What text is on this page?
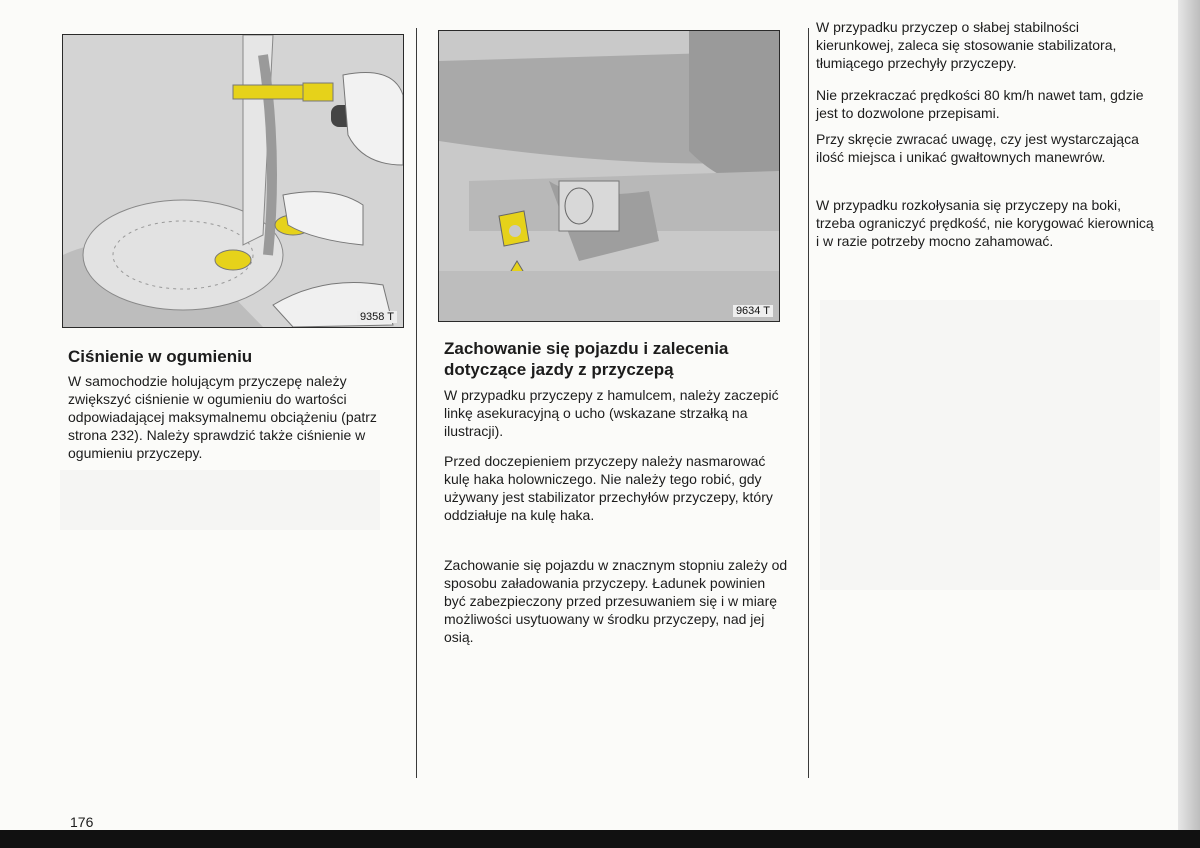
9358 T	9634 T
Ciśnienie w ogumieniu

W samochodzie holującym przyczepę należy zwiększyć ciśnienie w ogumieniu do wartości odpowiadającej maksymalnemu obciążeniu (patrz strona 232). Należy sprawdzić także ciśnienie w ogumieniu przyczepy.

Zachowanie się pojazdu i zalecenia dotyczące jazdy z przyczepą

W przypadku przyczepy z hamulcem, należy zaczepić linkę asekuracyjną o ucho (wskazane strzałką na ilustracji).

Przed doczepieniem przyczepy należy nasmarować kulę haka holowniczego. Nie należy tego robić, gdy używany jest stabilizator przechyłów przyczepy, który oddziałuje na kulę haka.

Zachowanie się pojazdu w znacznym stopniu zależy od sposobu załadowania przyczepy. Ładunek powinien być zabezpieczony przed przesuwaniem się i w miarę możliwości usytuowany w środku przyczepy, nad jej osią.

W przypadku przyczep o słabej stabilności kierunkowej, zaleca się stosowanie stabilizatora, tłumiącego przechyły przyczepy.

Nie przekraczać prędkości 80 km/h nawet tam, gdzie jest to dozwolone przepisami.

Przy skręcie zwracać uwagę, czy jest wystarczająca ilość miejsca i unikać gwałtownych manewrów.

W przypadku rozkołysania się przyczepy na boki, trzeba ograniczyć prędkość, nie korygować kierownicą i w razie potrzeby mocno zahamować.

176
